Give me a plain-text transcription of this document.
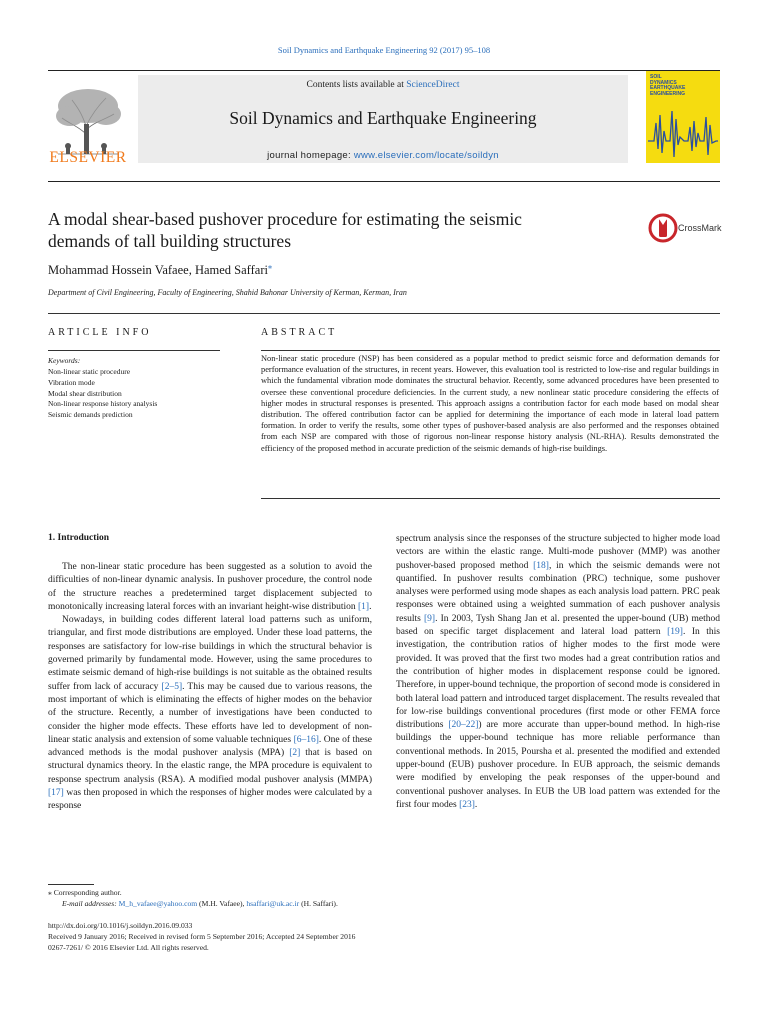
Soil Dynamics and Earthquake Engineering 92 (2017) 95–108
ELSEVIER
Contents lists available at ScienceDirect
Soil Dynamics and Earthquake Engineering
journal homepage: www.elsevier.com/locate/soildyn
SOIL
DYNAMICS
EARTHQUAKE
ENGINEERING
A modal shear-based pushover procedure for estimating the seismic
demands of tall building structures
CrossMark
Mohammad Hossein Vafaee, Hamed Saffari⁎
Department of Civil Engineering, Faculty of Engineering, Shahid Bahonar University of Kerman, Kerman, Iran
ARTICLE INFO	ABSTRACT
Keywords:
Non-linear static procedure
Vibration mode
Modal shear distribution
Non-linear response history analysis
Seismic demands prediction
Non-linear static procedure (NSP) has been considered as a popular method to predict seismic force and deformation demands for performance evaluation of the structures, in recent years. However, this evaluation tool is restricted to low-rise and regular buildings in which the fundamental vibration mode dominates the structural behavior. Recently, some advanced procedures have been presented to oversee these conventional procedure deficiencies. In the current study, a new nonlinear static procedure considering the effects of higher modes in structural responses is presented. This approach assigns a contribution factor for each mode based on modal shear distribution. The offered contribution factor can be applied for determining the importance of each mode in lateral load pattern formation. In order to verify the results, some other types of pushover-based analysis are also performed and the responses obtained from each NSP are compared with those of rigorous non-linear response history analysis (NL-RHA). Results demonstrated the efficiency of the proposed method in accurate prediction of the seismic demands of high-rise buildings.
1. Introduction

The non-linear static procedure has been suggested as a solution to avoid the difficulties of non-linear dynamic analysis. In pushover procedure, the control node of the structure reaches a predetermined target displacement subjected to monotonically increasing lateral forces with an invariant height-wise distribution [1].

Nowadays, in building codes different lateral load patterns such as uniform, triangular, and first mode distributions are employed. Under these load patterns, the responses are satisfactory for low-rise buildings in which the structural behavior is governed primarily by fundamental mode. However, using the same procedures to estimate seismic demand of high-rise buildings is not suitable as the obtained results suffer from lack of accuracy [2–5]. This may be caused due to various reasons, the most important of which is eliminating the effects of higher modes on the behavior of the structure. Recently, a number of investigations have been conducted to consider the higher mode effects. These efforts have led to development of non-linear static analysis and extension of some valuable techniques [6–16]. One of these advanced methods is the modal pushover analysis (MPA) [2] that is based on structural dynamics theory. In the elastic range, the MPA procedure is equivalent to response spectrum analysis (RSA). A modified modal pushover analysis (MMPA) [17] was then proposed in which the responses of higher modes were calculated by a response

spectrum analysis since the responses of the structure subjected to higher mode load vectors are within the elastic range. Multi-mode pushover (MMP) was another pushover-based proposed method [18], in which the seismic demands were not quantified. In pushover results combination (PRC) technique, some pushover analyses were performed using mode shapes as each analysis load pattern. PRC peak responses were obtained using a weighted summation of each pushover analysis results [9]. In 2003, Tysh Shang Jan et al. presented the upper-bound (UB) method based on specific target displacement and lateral load pattern [19]. In this investigation, the contribution ratios of higher modes to the first mode were provided. It was proved that the first two modes had a great contribution ratios and the contribution of higher modes in displacement response could be ignored. Therefore, in upper-bound technique, the proportion of second mode is considered in both lateral load pattern and introduced target displacement. The results revealed that for low-rise buildings conventional procedures (first mode or other FEMA force distributions [20–22]) are more accurate than upper-bound method. In high-rise buildings the upper-bound technique has more reliable performance than conventional methods. In 2015, Poursha et al. presented the modified and extended upper-bound (EUB) pushover procedure. In EUB approach, the seismic demands were modified by enveloping the peak responses of the upper-bound and conventional pushover analyses. In EUB the UB load pattern was extended for the first four modes [23].

⁎ Corresponding author.
E-mail addresses: M_h_vafaee@yahoo.com (M.H. Vafaee), hsaffari@uk.ac.ir (H. Saffari).
http://dx.doi.org/10.1016/j.soildyn.2016.09.033
Received 9 January 2016; Received in revised form 5 September 2016; Accepted 24 September 2016
0267-7261/ © 2016 Elsevier Ltd. All rights reserved.
